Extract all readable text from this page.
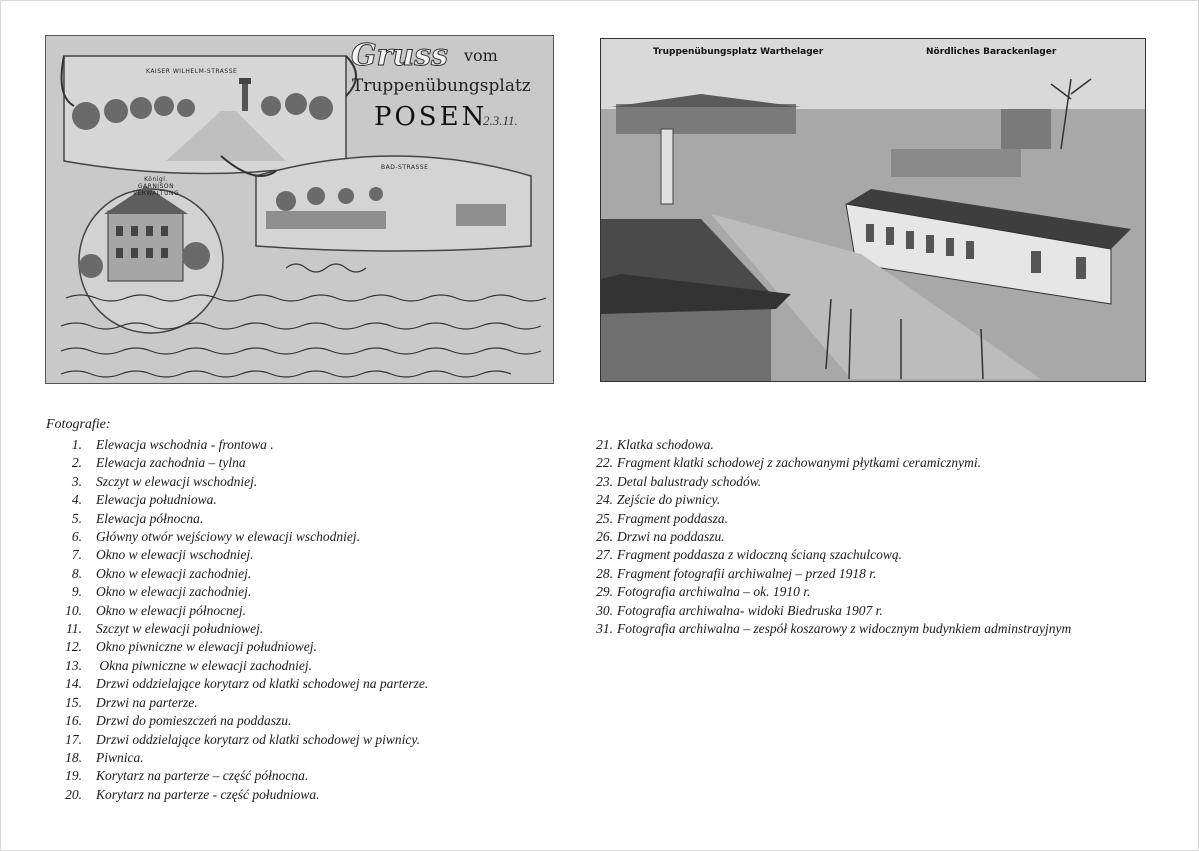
Gruss vom
Truppenübungsplatz
POSEN
2.3.11.
KAISER WILHELM-STRASSE
BAD-STRASSE
Königl. GARNISON VERWALTUNG
Truppenübungsplatz Warthelager	Nördliches Barackenlager
Fotografie:
1. Elewacja wschodnia - frontowa .
2. Elewacja zachodnia – tylna
3. Szczyt w elewacji wschodniej.
4. Elewacja południowa.
5. Elewacja północna.
6. Główny otwór wejściowy w elewacji wschodniej.
7. Okno w elewacji wschodniej.
8. Okno w elewacji zachodniej.
9. Okno w elewacji zachodniej.
10. Okno w elewacji północnej.
11. Szczyt w elewacji południowej.
12. Okno piwniczne w elewacji południowej.
13. Okna piwniczne w elewacji zachodniej.
14. Drzwi oddzielające korytarz od klatki schodowej na parterze.
15. Drzwi na parterze.
16. Drzwi do pomieszczeń na poddaszu.
17. Drzwi oddzielające korytarz od klatki schodowej w piwnicy.
18. Piwnica.
19. Korytarz na parterze – część północna.
20. Korytarz na parterze - część południowa.
21. Klatka schodowa.
22. Fragment klatki schodowej z zachowanymi płytkami ceramicznymi.
23. Detal balustrady schodów.
24. Zejście do piwnicy.
25. Fragment poddasza.
26. Drzwi na poddaszu.
27. Fragment poddasza z widoczną ścianą szachulcową.
28. Fragment fotografii archiwalnej – przed 1918 r.
29. Fotografia archiwalna – ok. 1910 r.
30. Fotografia archiwalna- widoki Biedruska 1907 r.
31. Fotografia archiwalna – zespół koszarowy z widocznym budynkiem adminstrayjnym
